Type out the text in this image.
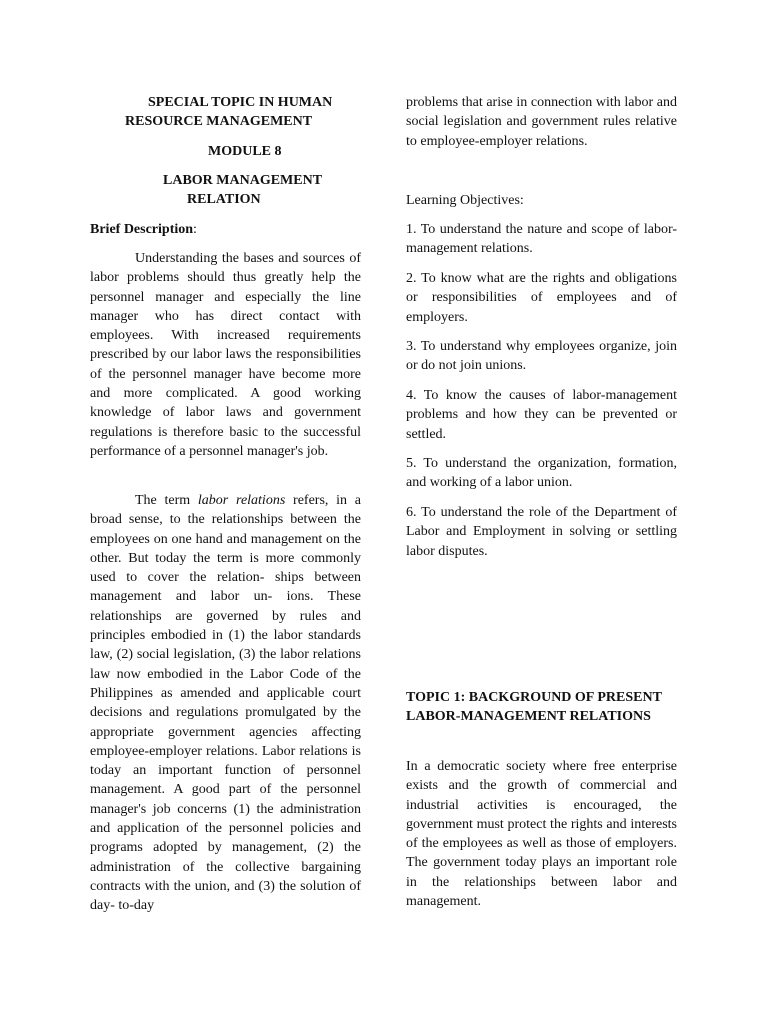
SPECIAL TOPIC IN HUMAN
RESOURCE MANAGEMENT
MODULE 8
LABOR MANAGEMENT
RELATION

Brief Description:

Understanding the bases and sources of labor problems should thus greatly help the personnel manager and especially the line manager who has direct contact with employees. With increased requirements prescribed by our labor laws the responsibilities of the personnel manager have become more and more complicated. A good working knowledge of labor laws and government regulations is therefore basic to the successful performance of a personnel manager's job.

The term labor relations refers, in a broad sense, to the relationships between the employees on one hand and management on the other. But today the term is more commonly used to cover the relation- ships between management and labor un- ions. These relationships are governed by rules and principles embodied in (1) the labor standards law, (2) social legislation, (3) the labor relations law now embodied in the Labor Code of the Philippines as amended and applicable court decisions and regulations promulgated by the appropriate government agencies affecting employee-employer relations. Labor relations is today an important function of personnel management. A good part of the personnel manager's job concerns (1) the administration and application of the personnel policies and programs adopted by management, (2) the administration of the collective bargaining contracts with the union, and (3) the solution of day- to-day

problems that arise in connection with labor and social legislation and government rules relative to employee-employer relations.

Learning Objectives:

1. To understand the nature and scope of labor-management relations.

2. To know what are the rights and obligations or responsibilities of employees and of employers.

3. To understand why employees organize, join or do not join unions.

4. To know the causes of labor-management problems and how they can be prevented or settled.

5. To understand the organization, formation, and working of a labor union.

6. To understand the role of the Department of Labor and Employment in solving or settling labor disputes.

TOPIC 1: BACKGROUND OF PRESENT LABOR-MANAGEMENT RELATIONS

In a democratic society where free enterprise exists and the growth of commercial and industrial activities is encouraged, the government must protect the rights and interests of the employees as well as those of employers. The government today plays an important role in the relationships between labor and management.
